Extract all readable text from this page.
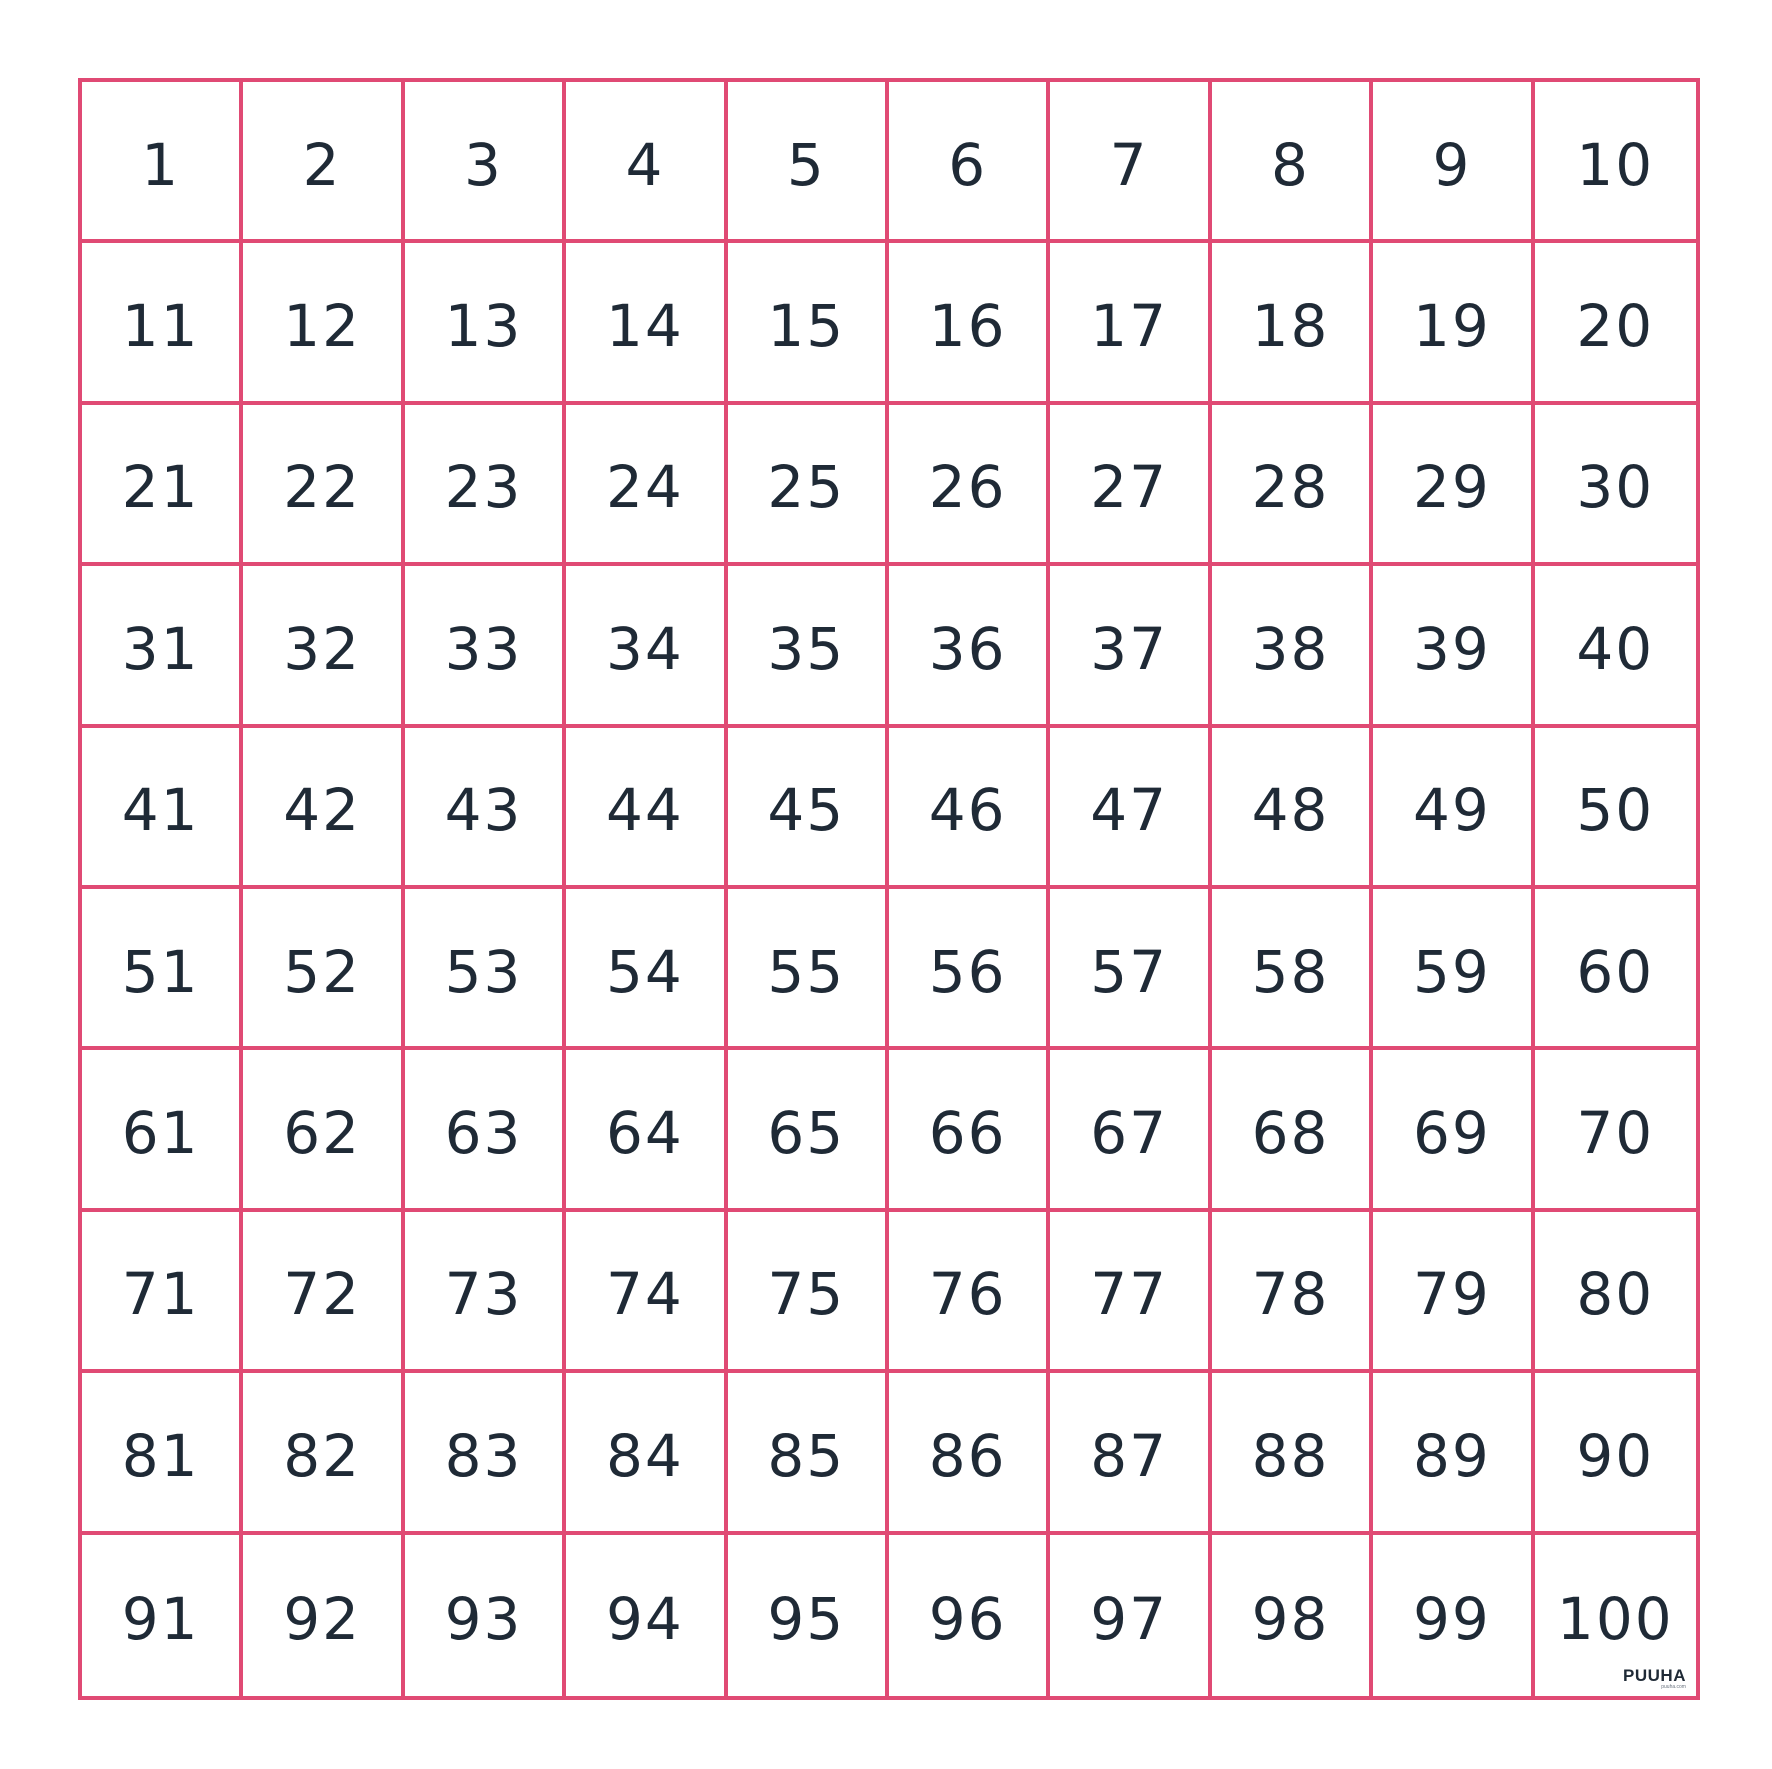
1 2 3 4 5 6 7 8 9 10
11 12 13 14 15 16 17 18 19 20
21 22 23 24 25 26 27 28 29 30
31 32 33 34 35 36 37 38 39 40
41 42 43 44 45 46 47 48 49 50
51 52 53 54 55 56 57 58 59 60
61 62 63 64 65 66 67 68 69 70
71 72 73 74 75 76 77 78 79 80
81 82 83 84 85 86 87 88 89 90
91 92 93 94 95 96 97 98 99 100
PUUHA
puuha.com
